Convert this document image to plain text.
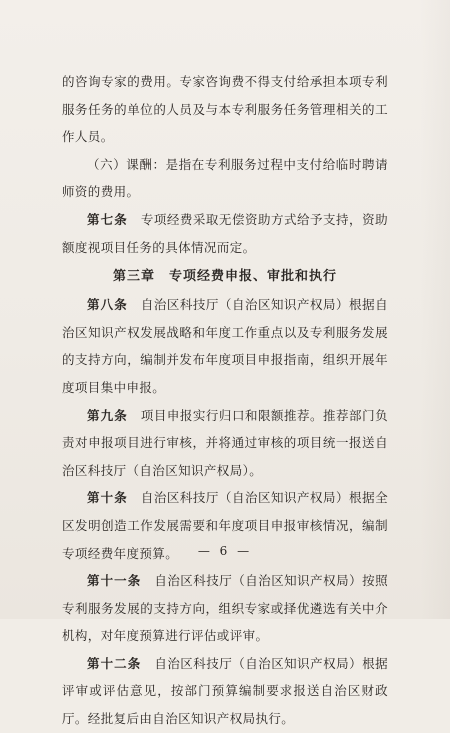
的咨询专家的费用。专家咨询费不得支付给承担本项专利服务任务的单位的人员及与本专利服务任务管理相关的工作人员。

（六）课酬：是指在专利服务过程中支付给临时聘请师资的费用。

第七条　专项经费采取无偿资助方式给予支持，资助额度视项目任务的具体情况而定。

第三章　专项经费申报、审批和执行

第八条　自治区科技厅（自治区知识产权局）根据自治区知识产权发展战略和年度工作重点以及专利服务发展的支持方向，编制并发布年度项目申报指南，组织开展年度项目集中申报。

第九条　项目申报实行归口和限额推荐。推荐部门负责对申报项目进行审核，并将通过审核的项目统一报送自治区科技厅（自治区知识产权局）。

第十条　自治区科技厅（自治区知识产权局）根据全区发明创造工作发展需要和年度项目申报审核情况，编制专项经费年度预算。

第十一条　自治区科技厅（自治区知识产权局）按照专利服务发展的支持方向，组织专家或择优遴选有关中介机构，对年度预算进行评估或评审。

第十二条　自治区科技厅（自治区知识产权局）根据评审或评估意见，按部门预算编制要求报送自治区财政厅。经批复后由自治区知识产权局执行。

— 6 —
